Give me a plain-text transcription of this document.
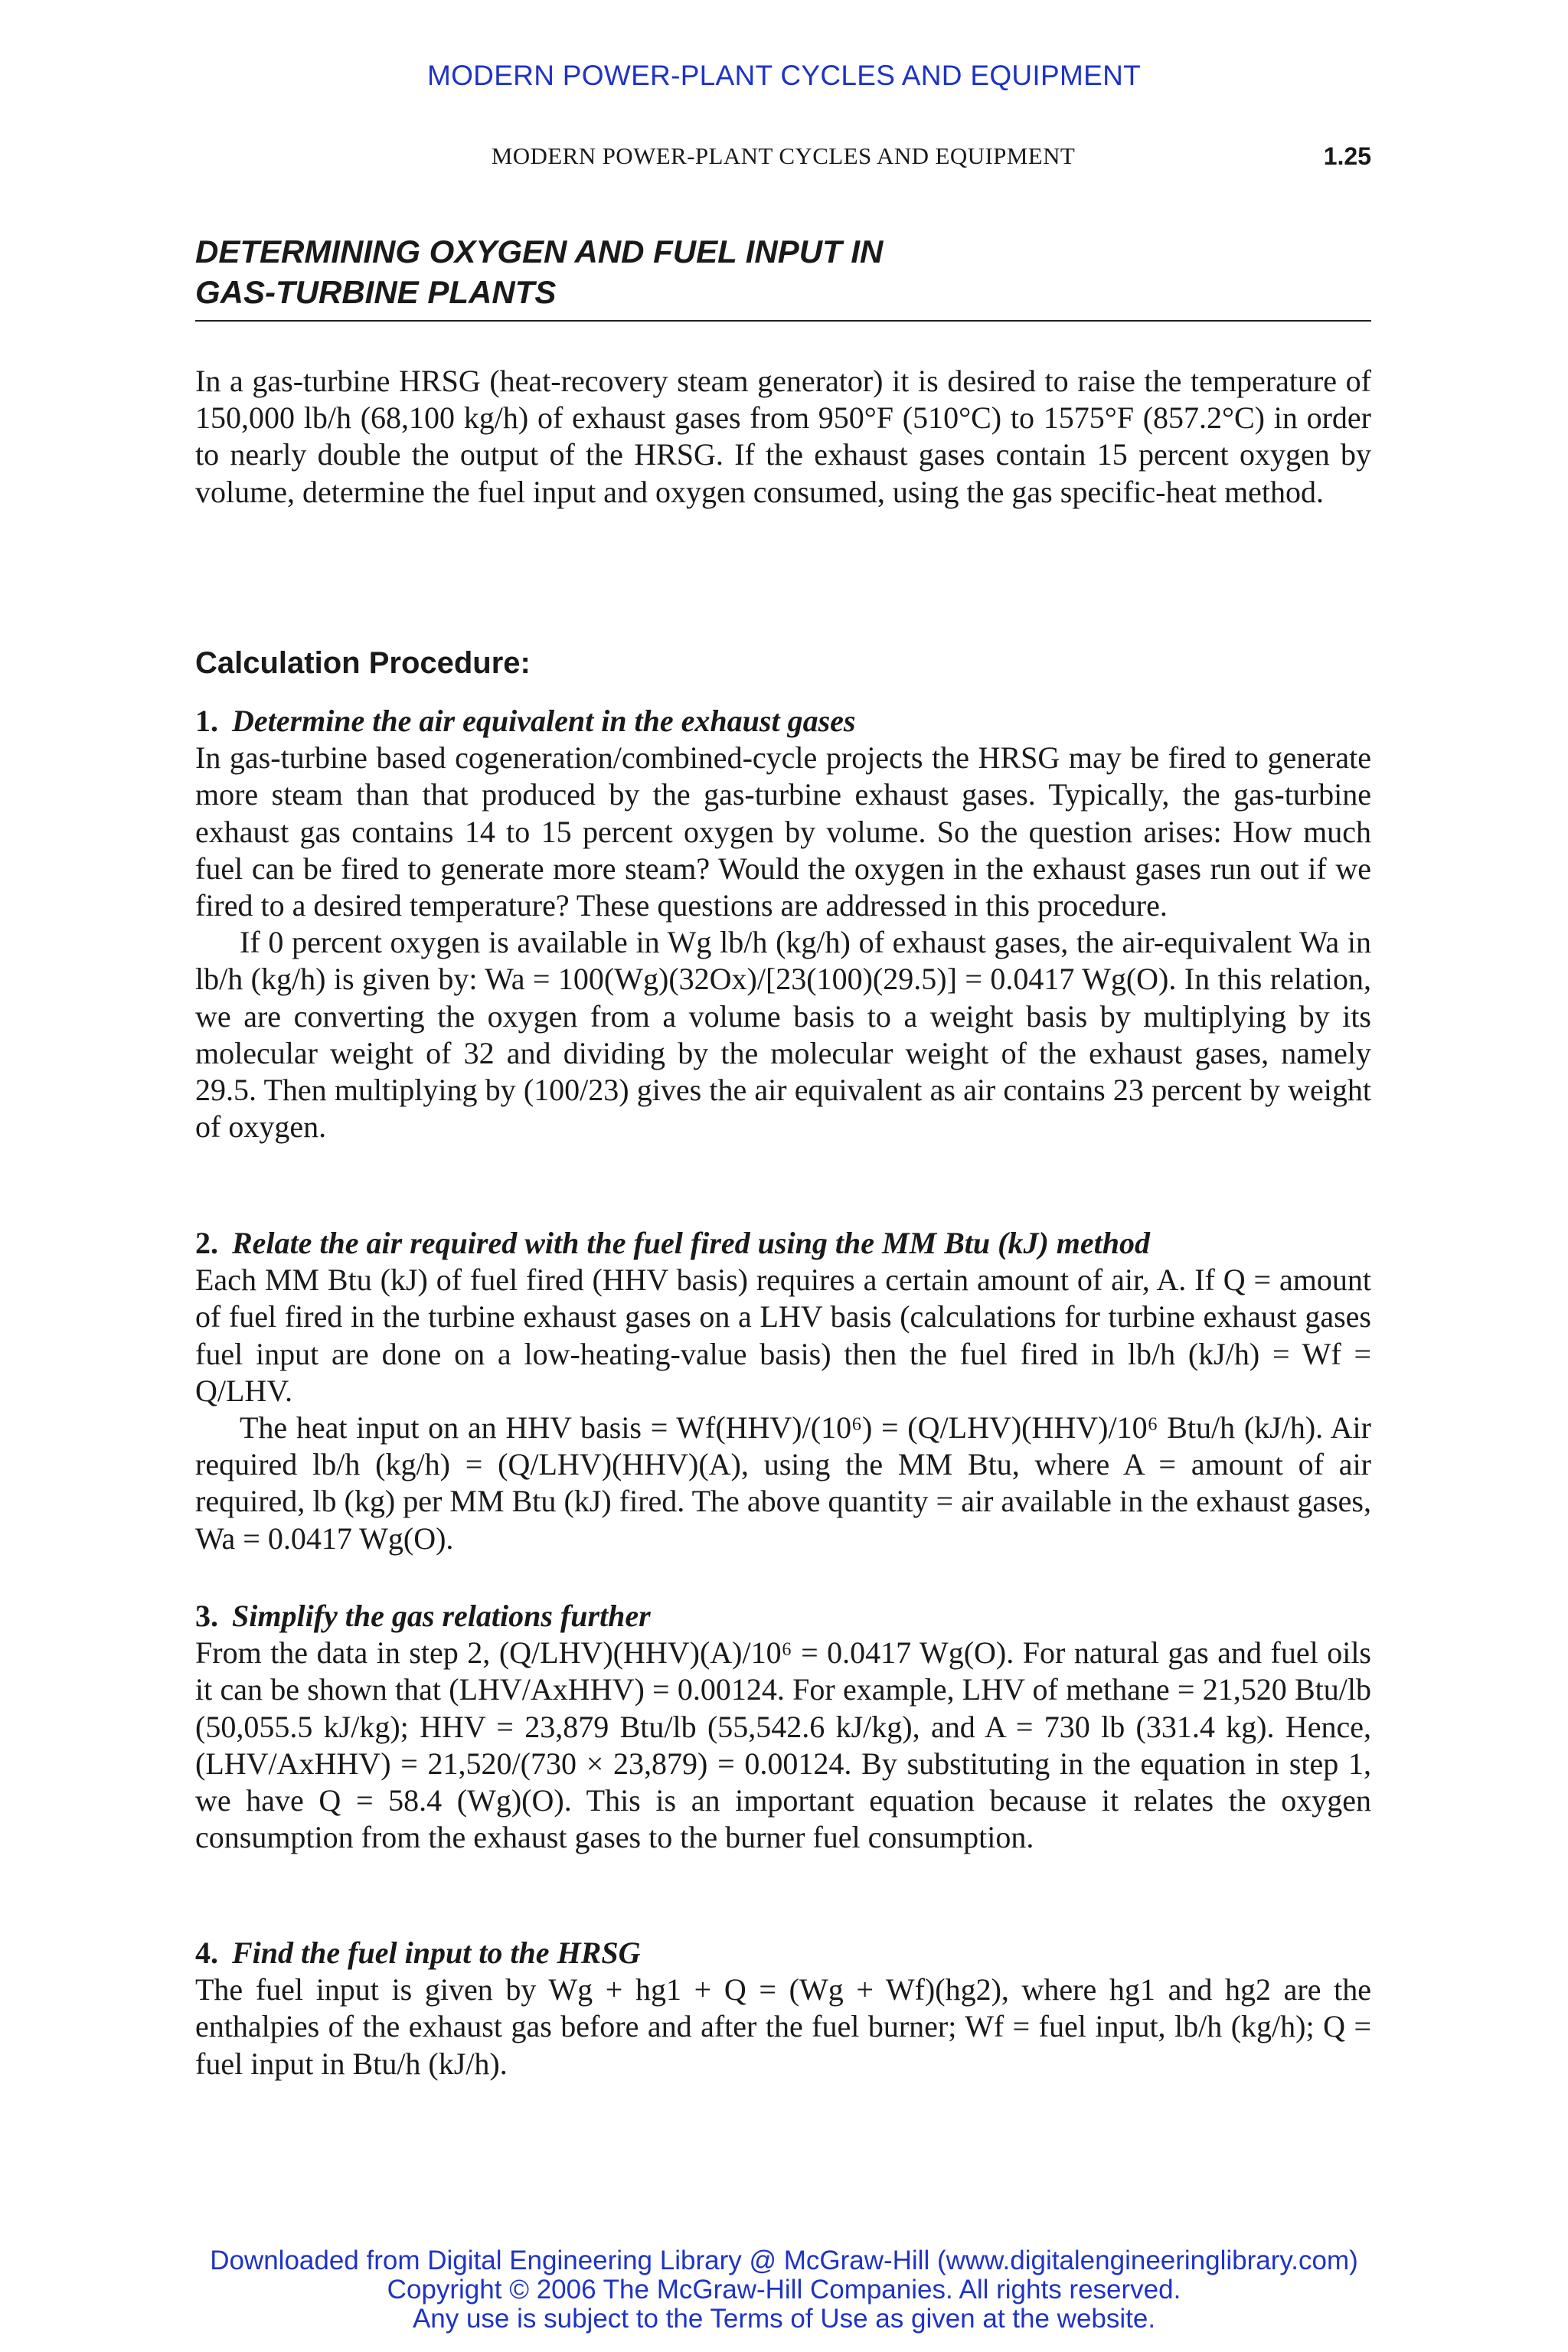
MODERN POWER-PLANT CYCLES AND EQUIPMENT
MODERN POWER-PLANT CYCLES AND EQUIPMENT	1.25
DETERMINING OXYGEN AND FUEL INPUT IN
GAS-TURBINE PLANTS

In a gas-turbine HRSG (heat-recovery steam generator) it is desired to raise the temperature of 150,000 lb/h (68,100 kg/h) of exhaust gases from 950°F (510°C) to 1575°F (857.2°C) in order to nearly double the output of the HRSG. If the exhaust gases contain 15 percent oxygen by volume, determine the fuel input and oxygen consumed, using the gas specific-heat method.

Calculation Procedure:
1. Determine the air equivalent in the exhaust gases

In gas-turbine based cogeneration/combined-cycle projects the HRSG may be fired to generate more steam than that produced by the gas-turbine exhaust gases. Typically, the gas-turbine exhaust gas contains 14 to 15 percent oxygen by volume. So the question arises: How much fuel can be fired to generate more steam? Would the oxygen in the exhaust gases run out if we fired to a desired temperature? These questions are addressed in this procedure.

If 0 percent oxygen is available in Wg lb/h (kg/h) of exhaust gases, the air-equivalent Wa in lb/h (kg/h) is given by: Wa = 100(Wg)(32Ox)/[23(100)(29.5)] = 0.0417 Wg(O). In this relation, we are converting the oxygen from a volume basis to a weight basis by multiplying by its molecular weight of 32 and dividing by the molecular weight of the exhaust gases, namely 29.5. Then multiplying by (100/23) gives the air equivalent as air contains 23 percent by weight of oxygen.

2. Relate the air required with the fuel fired using the MM Btu (kJ) method

Each MM Btu (kJ) of fuel fired (HHV basis) requires a certain amount of air, A. If Q = amount of fuel fired in the turbine exhaust gases on a LHV basis (calculations for turbine exhaust gases fuel input are done on a low-heating-value basis) then the fuel fired in lb/h (kJ/h) = Wf = Q/LHV.

The heat input on an HHV basis = Wf(HHV)/(10⁶) = (Q/LHV)(HHV)/10⁶ Btu/h (kJ/h). Air required lb/h (kg/h) = (Q/LHV)(HHV)(A), using the MM Btu, where A = amount of air required, lb (kg) per MM Btu (kJ) fired. The above quantity = air available in the exhaust gases, Wa = 0.0417 Wg(O).

3. Simplify the gas relations further

From the data in step 2, (Q/LHV)(HHV)(A)/10⁶ = 0.0417 Wg(O). For natural gas and fuel oils it can be shown that (LHV/AxHHV) = 0.00124. For example, LHV of methane = 21,520 Btu/lb (50,055.5 kJ/kg); HHV = 23,879 Btu/lb (55,542.6 kJ/kg), and A = 730 lb (331.4 kg). Hence, (LHV/AxHHV) = 21,520/(730 × 23,879) = 0.00124. By substituting in the equation in step 1, we have Q = 58.4 (Wg)(O). This is an important equation because it relates the oxygen consumption from the exhaust gases to the burner fuel consumption.

4. Find the fuel input to the HRSG

The fuel input is given by Wg + hg1 + Q = (Wg + Wf)(hg2), where hg1 and hg2 are the enthalpies of the exhaust gas before and after the fuel burner; Wf = fuel input, lb/h (kg/h); Q = fuel input in Btu/h (kJ/h).

Downloaded from Digital Engineering Library @ McGraw-Hill (www.digitalengineeringlibrary.com)
Copyright © 2006 The McGraw-Hill Companies. All rights reserved.
Any use is subject to the Terms of Use as given at the website.
